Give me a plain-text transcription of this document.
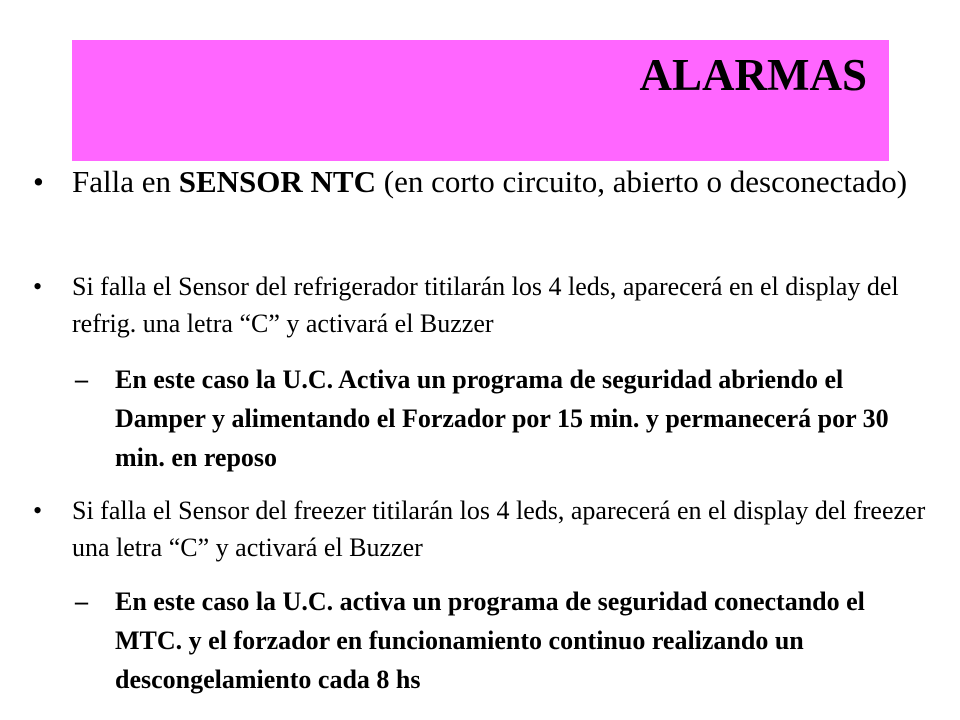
ALARMAS
• Falla en SENSOR NTC (en corto circuito, abierto o desconectado)
• Si falla el Sensor del refrigerador titilarán los 4 leds, aparecerá en el display del refrig. una letra “C” y activará el Buzzer
– En este caso la U.C. Activa un programa de seguridad abriendo el Damper y alimentando el Forzador por 15 min. y permanecerá por 30 min. en reposo
• Si falla el Sensor del freezer titilarán los 4 leds, aparecerá en el display del freezer una letra “C” y activará el Buzzer
– En este caso la U.C. activa un programa de seguridad conectando el MTC. y el forzador en funcionamiento continuo realizando un descongelamiento cada 8 hs
